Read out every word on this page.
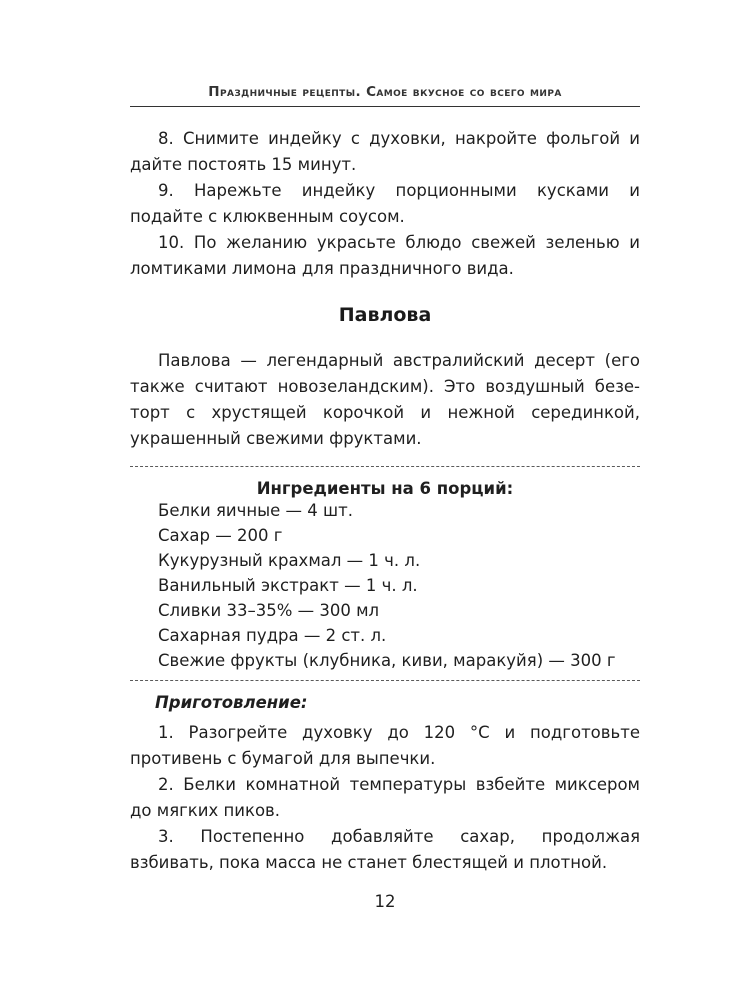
Праздничные рецепты. Самое вкусное со всего мира

8. Снимите индейку с духовки, накройте фольгой и дайте постоять 15 минут.

9. Нарежьте индейку порционными кусками и подайте с клюквенным соусом.

10. По желанию украсьте блюдо свежей зеленью и ломтиками лимона для праздничного вида.

Павлова

Павлова — легендарный австралийский десерт (его также считают новозеландским). Это воздушный безе-торт с хрустящей корочкой и нежной серединкой, украшенный свежими фруктами.

Ингредиенты на 6 порций:
Белки яичные — 4 шт.
Сахар — 200 г
Кукурузный крахмал — 1 ч. л.
Ванильный экстракт — 1 ч. л.
Сливки 33–35% — 300 мл
Сахарная пудра — 2 ст. л.
Свежие фрукты (клубника, киви, маракуйя) — 300 г
Приготовление:

1. Разогрейте духовку до 120 °С и подготовьте противень с бумагой для выпечки.

2. Белки комнатной температуры взбейте миксером до мягких пиков.

3. Постепенно добавляйте сахар, продолжая взбивать, пока масса не станет блестящей и плотной.

12
